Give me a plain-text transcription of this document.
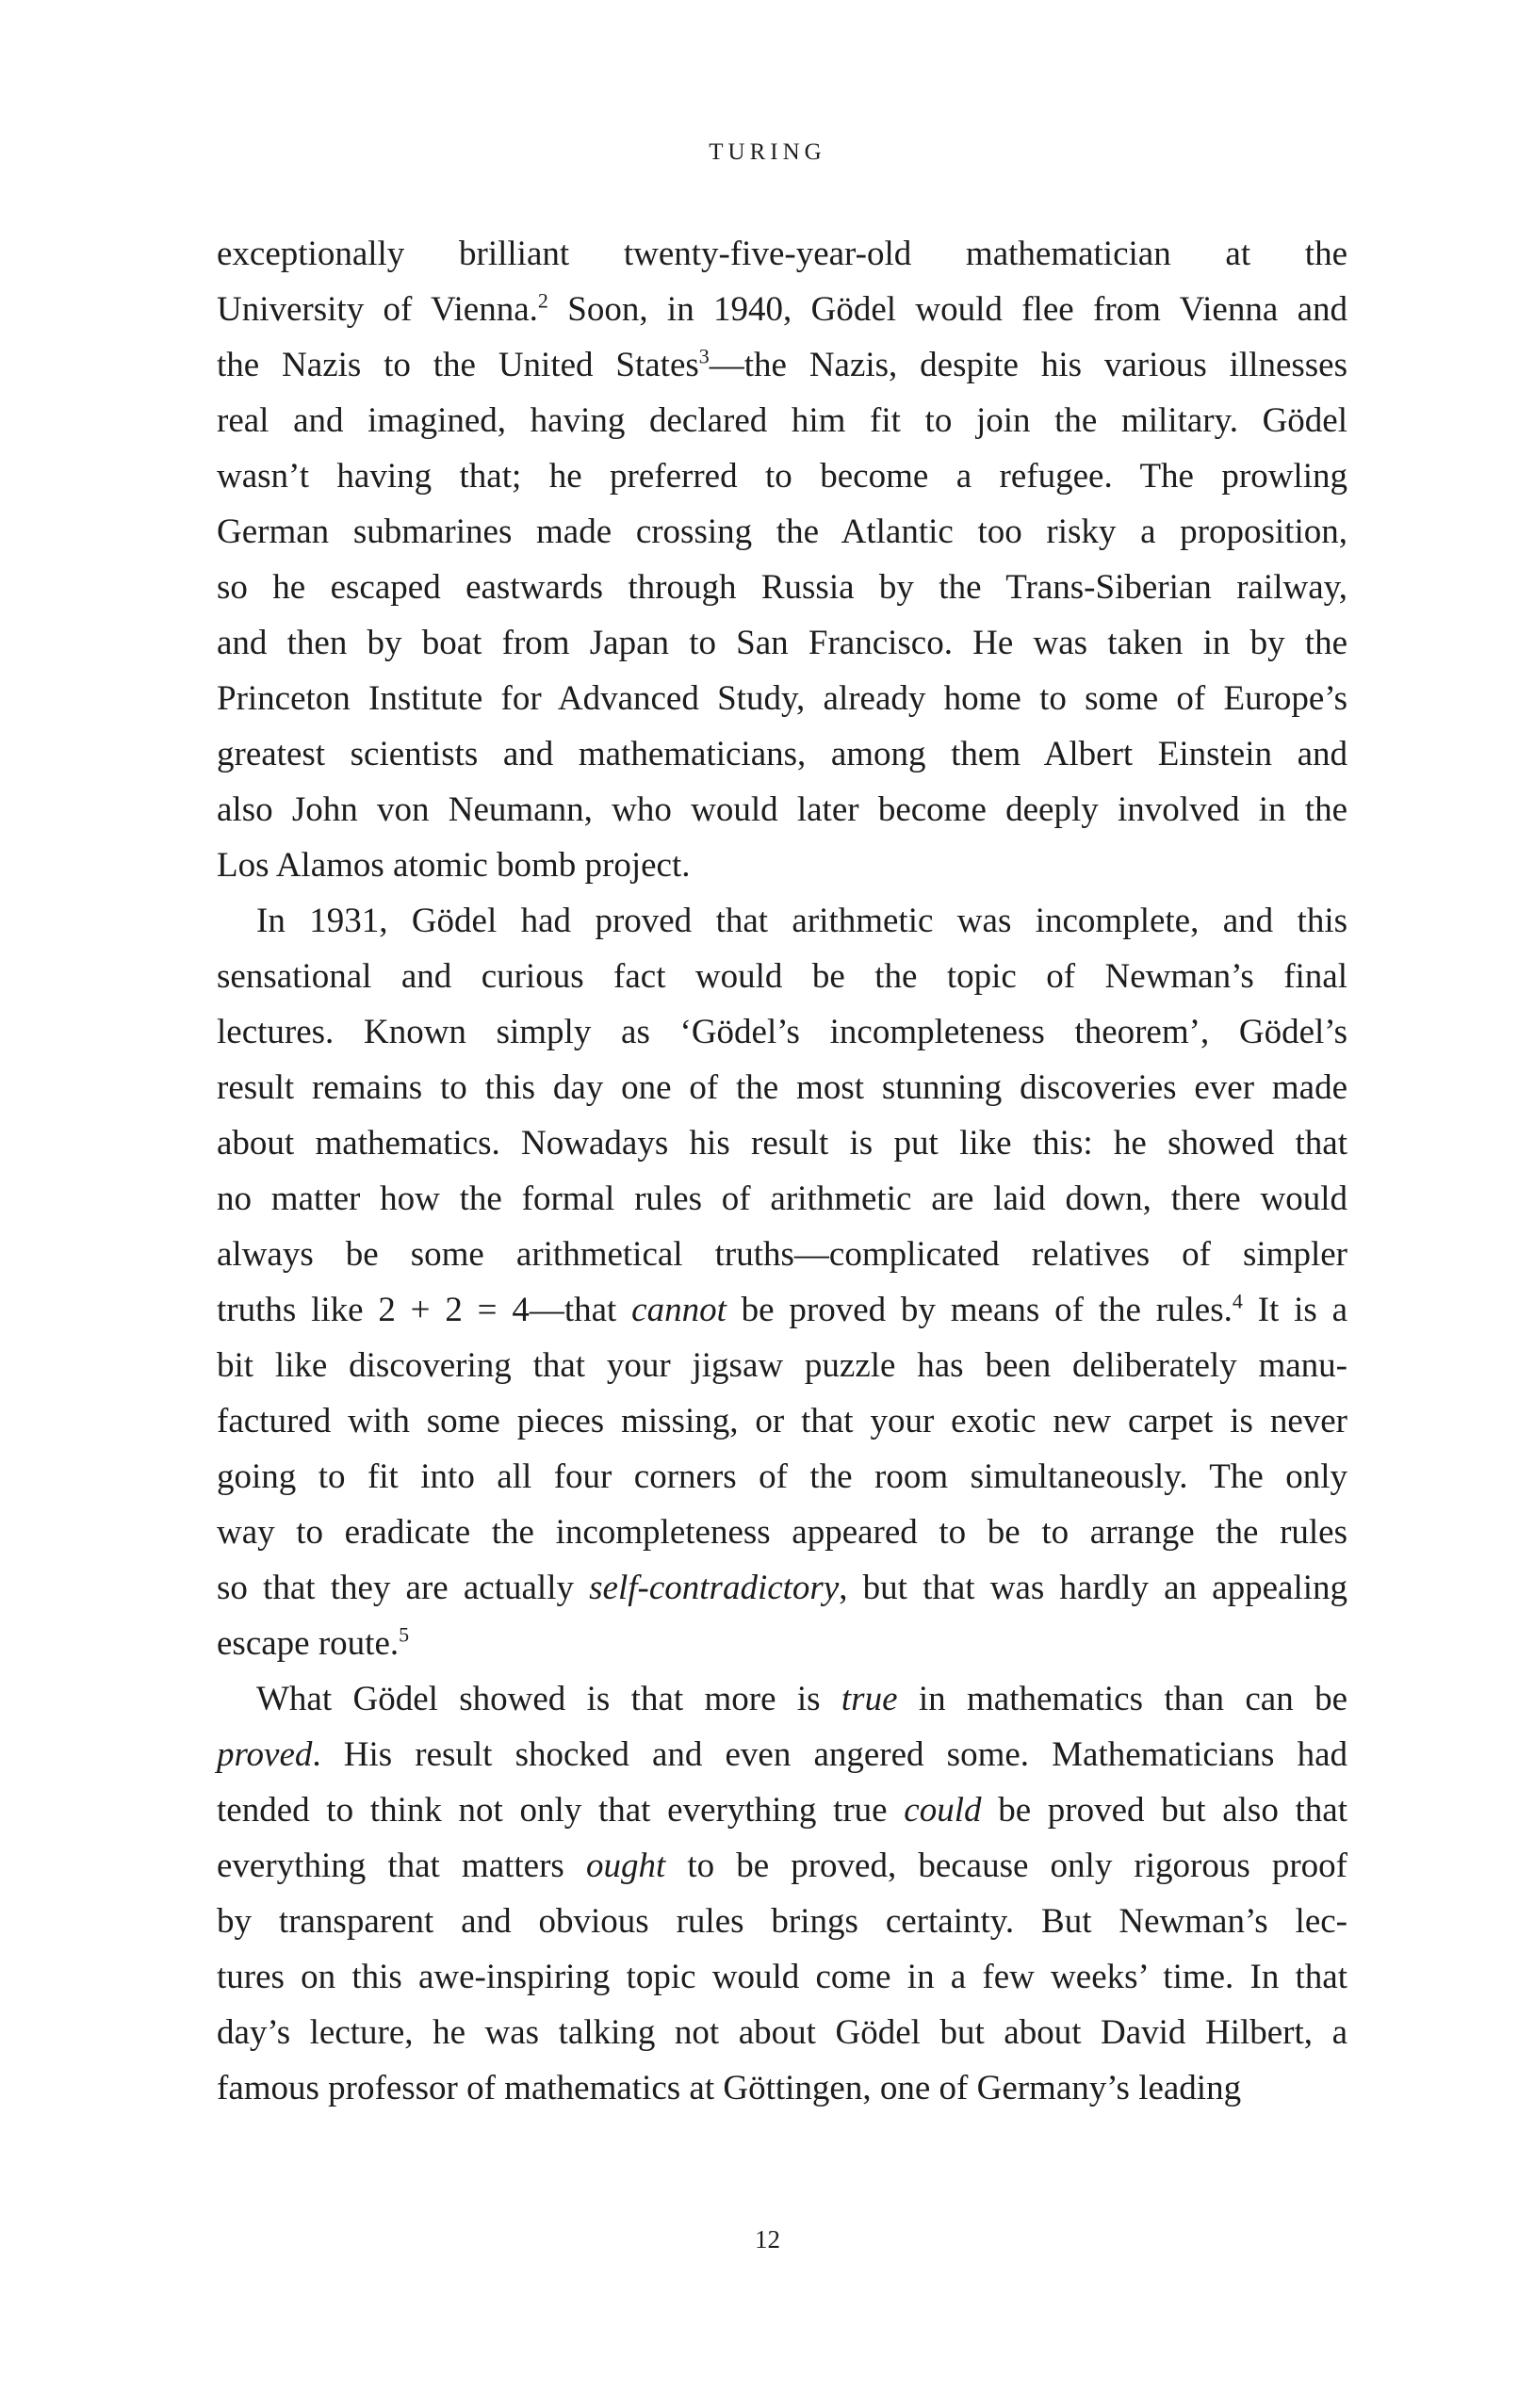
TURING
exceptionally brilliant twenty-five-year-old mathematician at the
University of Vienna.$^2$ Soon, in 1940, Gödel would flee from Vienna and
the Nazis to the United States$^3$—the Nazis, despite his various illnesses
real and imagined, having declared him fit to join the military. Gödel
wasn’t having that; he preferred to become a refugee. The prowling
German submarines made crossing the Atlantic too risky a proposition,
so he escaped eastwards through Russia by the Trans-Siberian railway,
and then by boat from Japan to San Francisco. He was taken in by the
Princeton Institute for Advanced Study, already home to some of Europe’s
greatest scientists and mathematicians, among them Albert Einstein and
also John von Neumann, who would later become deeply involved in the
Los Alamos atomic bomb project.
In 1931, Gödel had proved that arithmetic was incomplete, and this
sensational and curious fact would be the topic of Newman’s final
lectures. Known simply as ‘Gödel’s incompleteness theorem’, Gödel’s
result remains to this day one of the most stunning discoveries ever made
about mathematics. Nowadays his result is put like this: he showed that
no matter how the formal rules of arithmetic are laid down, there would
always be some arithmetical truths—complicated relatives of simpler
truths like 2 + 2 = 4—that cannot be proved by means of the rules.$^4$ It is a
bit like discovering that your jigsaw puzzle has been deliberately manu-
factured with some pieces missing, or that your exotic new carpet is never
going to fit into all four corners of the room simultaneously. The only
way to eradicate the incompleteness appeared to be to arrange the rules
so that they are actually self-contradictory, but that was hardly an appealing
escape route.$^5$
What Gödel showed is that more is true in mathematics than can be
proved. His result shocked and even angered some. Mathematicians had
tended to think not only that everything true could be proved but also that
everything that matters ought to be proved, because only rigorous proof
by transparent and obvious rules brings certainty. But Newman’s lec-
tures on this awe-inspiring topic would come in a few weeks’ time. In that
day’s lecture, he was talking not about Gödel but about David Hilbert, a
famous professor of mathematics at Göttingen, one of Germany’s leading
12
